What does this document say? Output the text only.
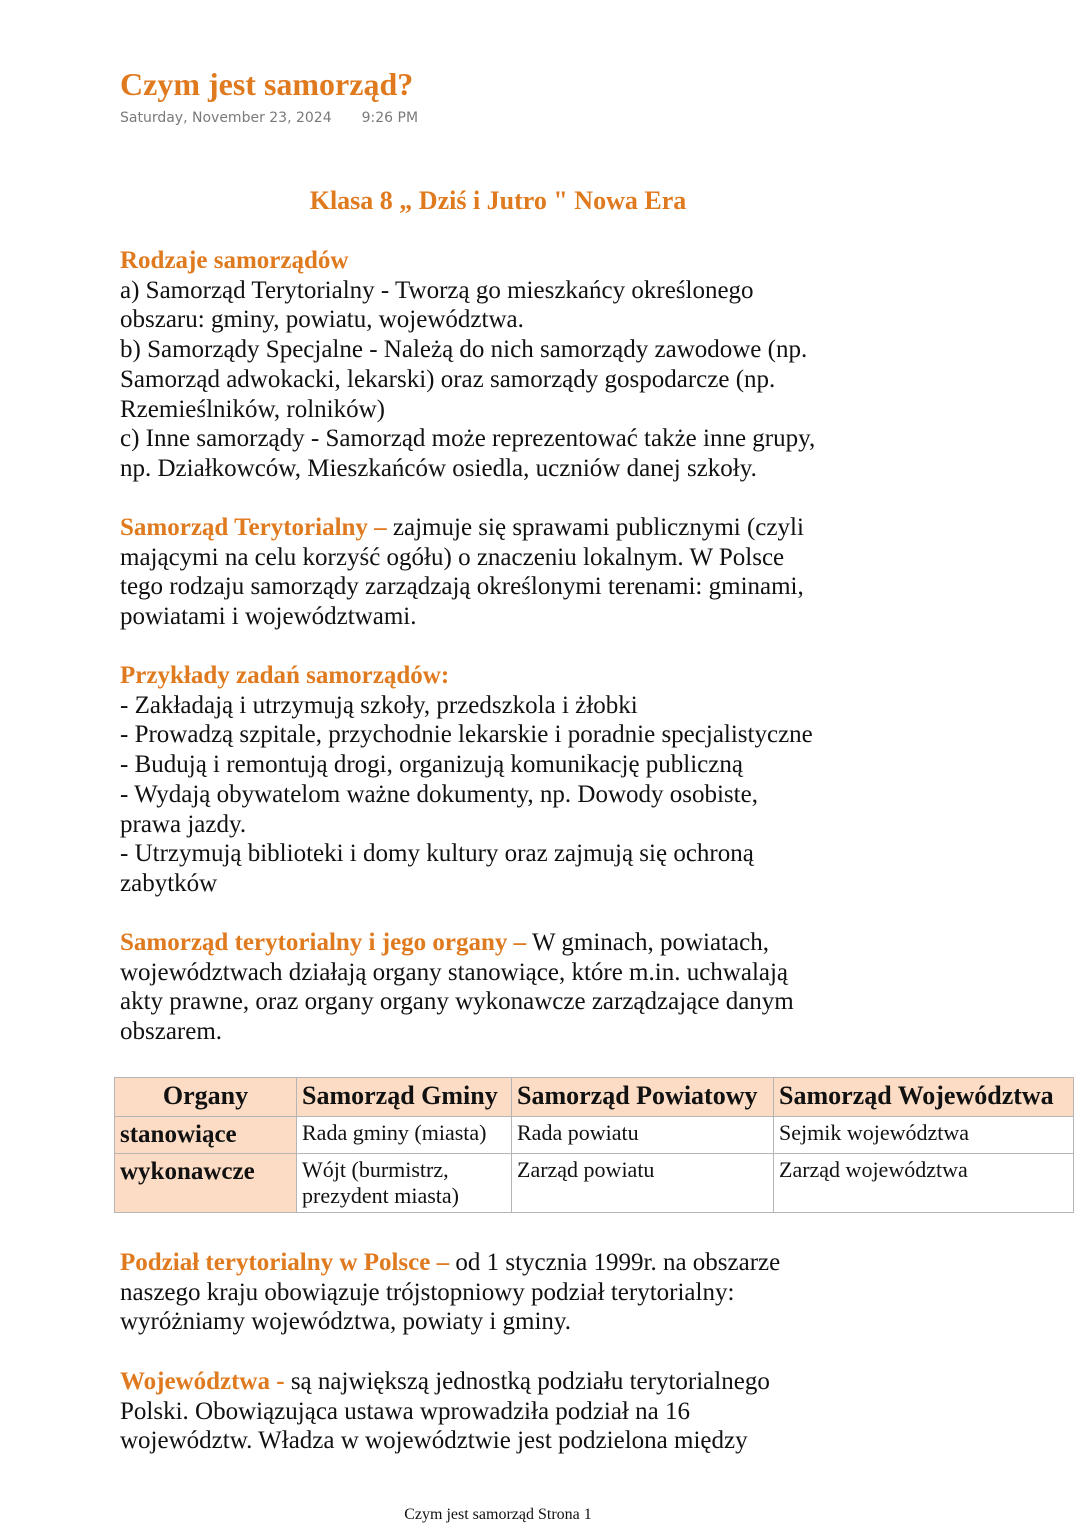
Czym jest samorząd?
Saturday, November 23, 2024 9:26 PM
Klasa 8 „ Dziś i Jutro " Nowa Era

Rodzaje samorządów

a) Samorząd Terytorialny - Tworzą go mieszkańcy określonego

obszaru: gminy, powiatu, województwa.

b) Samorządy Specjalne - Należą do nich samorządy zawodowe (np.

Samorząd adwokacki, lekarski) oraz samorządy gospodarcze (np.

Rzemieślników, rolników)

c) Inne samorządy - Samorząd może reprezentować także inne grupy,

np. Działkowców, Mieszkańców osiedla, uczniów danej szkoły.

Samorząd Terytorialny – zajmuje się sprawami publicznymi (czyli

mającymi na celu korzyść ogółu) o znaczeniu lokalnym. W Polsce

tego rodzaju samorządy zarządzają określonymi terenami: gminami,

powiatami i województwami.

Przykłady zadań samorządów:

- Zakładają i utrzymują szkoły, przedszkola i żłobki

- Prowadzą szpitale, przychodnie lekarskie i poradnie specjalistyczne

- Budują i remontują drogi, organizują komunikację publiczną

- Wydają obywatelom ważne dokumenty, np. Dowody osobiste,

prawa jazdy.

- Utrzymują biblioteki i domy kultury oraz zajmują się ochroną

zabytków

Samorząd terytorialny i jego organy – W gminach, powiatach,

województwach działają organy stanowiące, które m.in. uchwalają

akty prawne, oraz organy organy wykonawcze zarządzające danym

obszarem.

Organy	Samorząd Gminy	Samorząd Powiatowy	Samorząd Województwa
stanowiące	Rada gminy (miasta)	Rada powiatu	Sejmik województwa
wykonawcze	Wójt (burmistrz,
prezydent miasta)	Zarząd powiatu	Zarząd województwa

Podział terytorialny w Polsce – od 1 stycznia 1999r. na obszarze

naszego kraju obowiązuje trójstopniowy podział terytorialny:

wyróżniamy województwa, powiaty i gminy.

Województwa - są największą jednostką podziału terytorialnego

Polski. Obowiązująca ustawa wprowadziła podział na 16

województw. Władza w województwie jest podzielona między

Czym jest samorząd Strona 1
